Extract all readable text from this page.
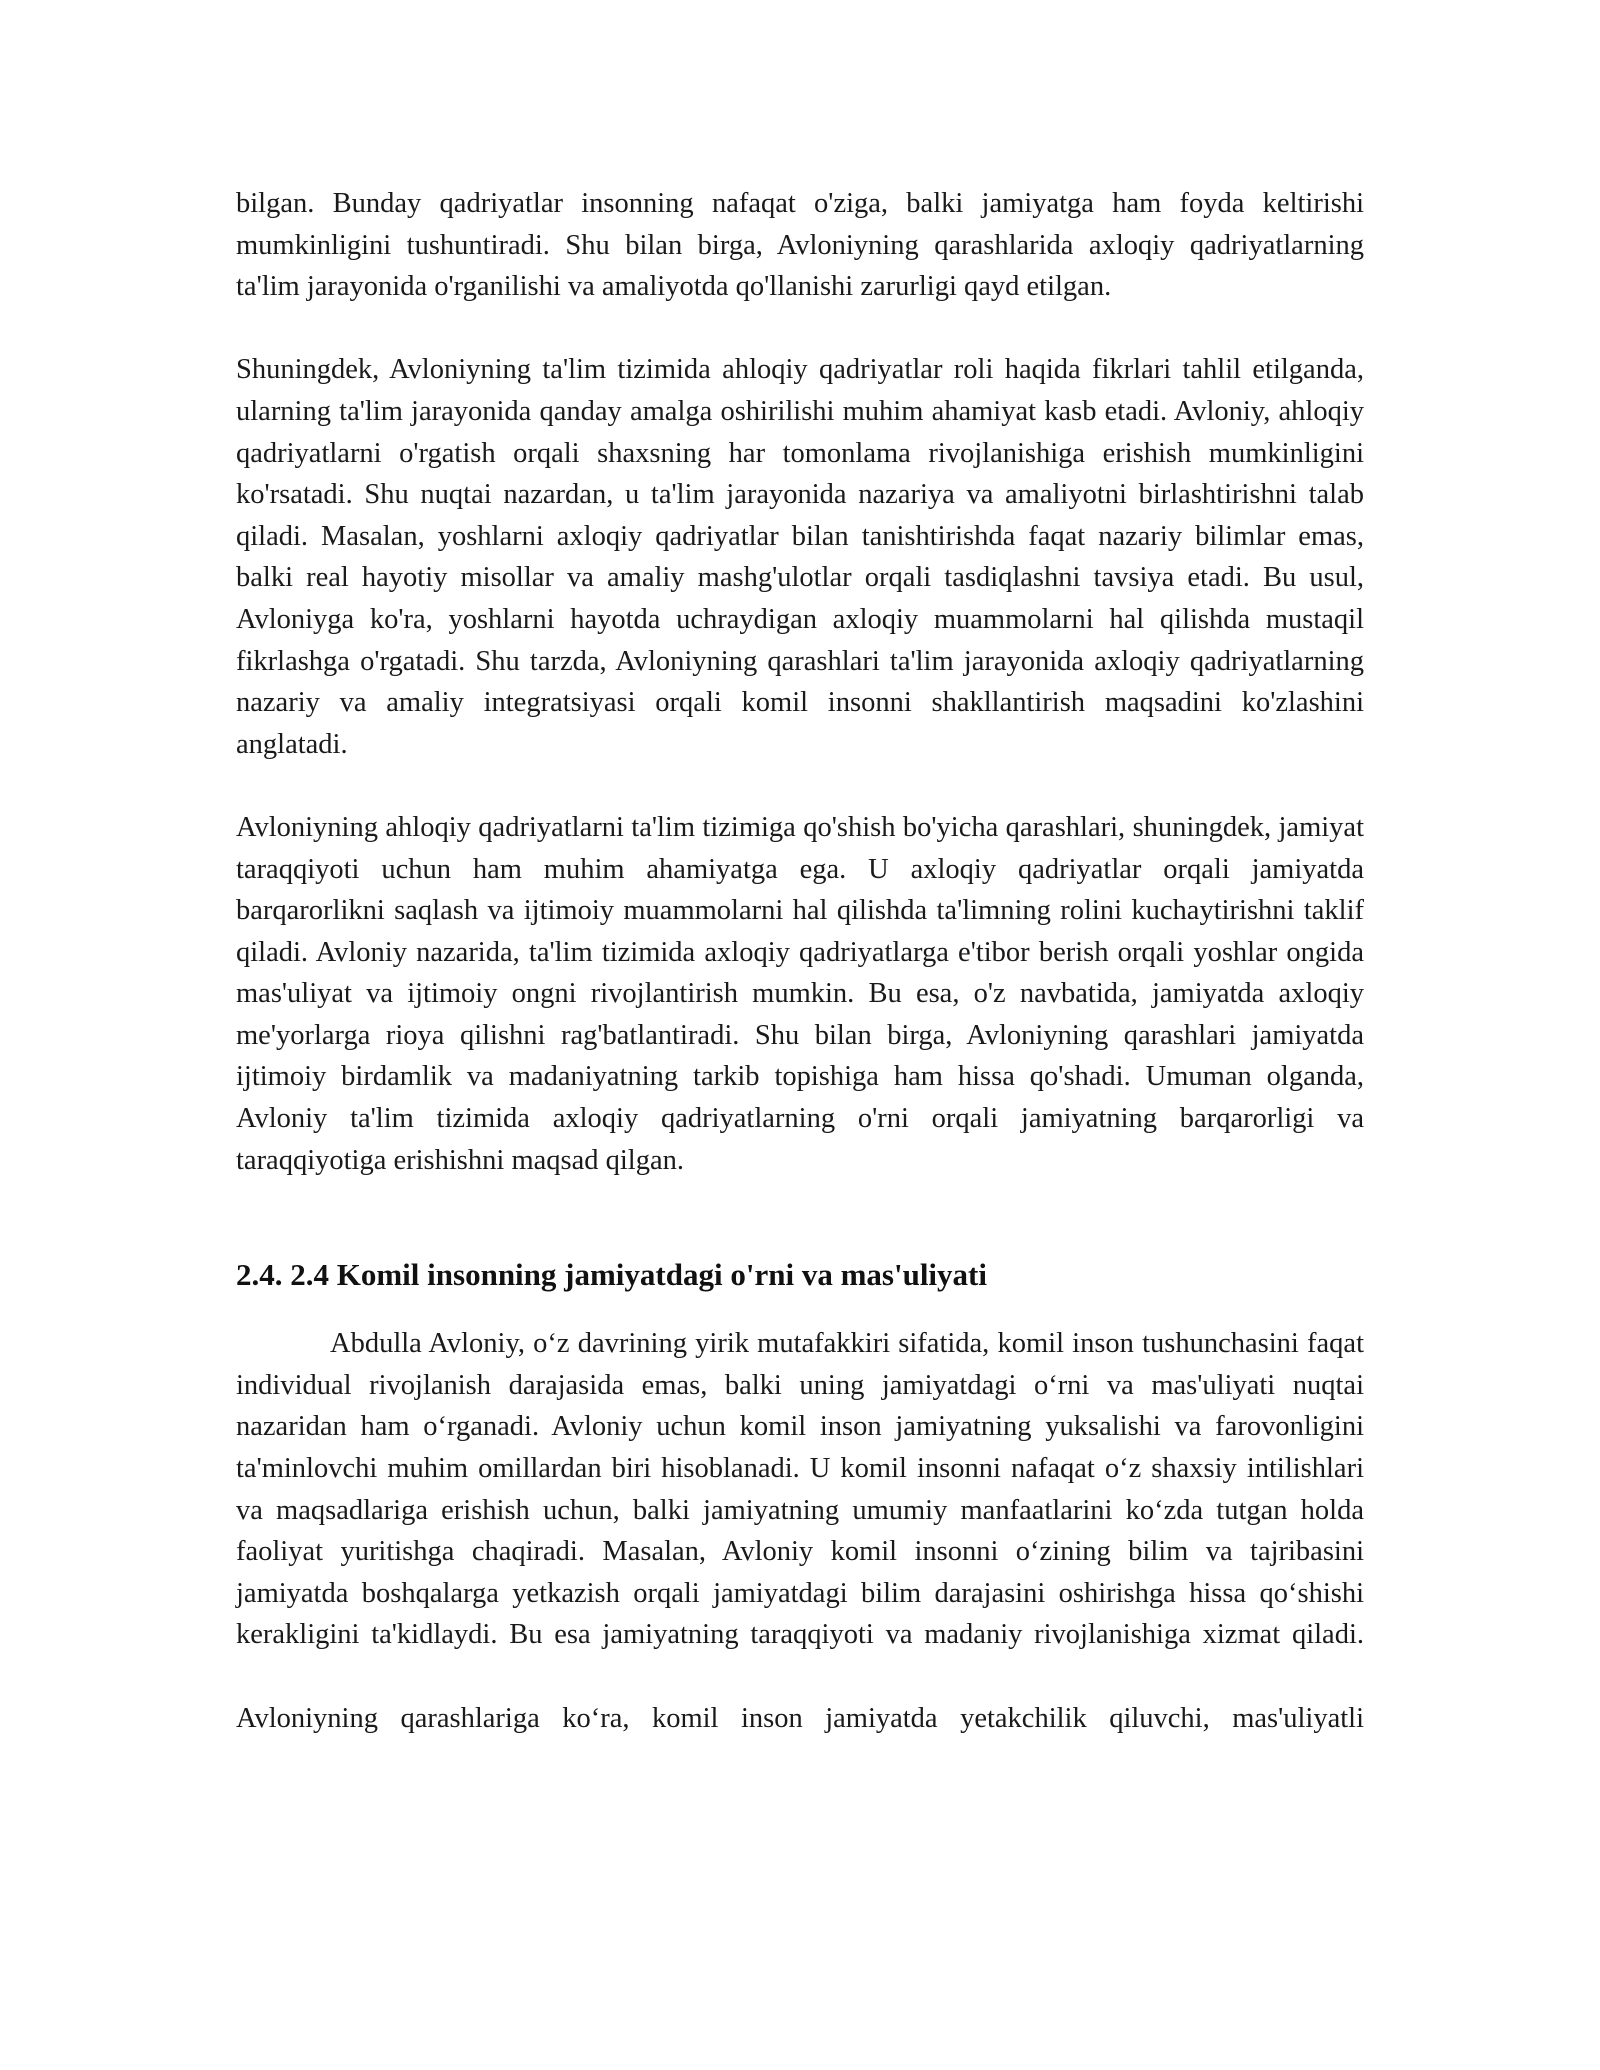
bilgan. Bunday qadriyatlar insonning nafaqat o'ziga, balki jamiyatga ham foyda keltirishi mumkinligini tushuntiradi. Shu bilan birga, Avloniyning qarashlarida axloqiy qadriyatlarning ta'lim jarayonida o'rganilishi va amaliyotda qo'llanishi zarurligi qayd etilgan.

Shuningdek, Avloniyning ta'lim tizimida ahloqiy qadriyatlar roli haqida fikrlari tahlil etilganda, ularning ta'lim jarayonida qanday amalga oshirilishi muhim ahamiyat kasb etadi. Avloniy, ahloqiy qadriyatlarni o'rgatish orqali shaxsning har tomonlama rivojlanishiga erishish mumkinligini ko'rsatadi. Shu nuqtai nazardan, u ta'lim jarayonida nazariya va amaliyotni birlashtirishni talab qiladi. Masalan, yoshlarni axloqiy qadriyatlar bilan tanishtirishda faqat nazariy bilimlar emas, balki real hayotiy misollar va amaliy mashg'ulotlar orqali tasdiqlashni tavsiya etadi. Bu usul, Avloniyga ko'ra, yoshlarni hayotda uchraydigan axloqiy muammolarni hal qilishda mustaqil fikrlashga o'rgatadi. Shu tarzda, Avloniyning qarashlari ta'lim jarayonida axloqiy qadriyatlarning nazariy va amaliy integratsiyasi orqali komil insonni shakllantirish maqsadini ko'zlashini anglatadi.

Avloniyning ahloqiy qadriyatlarni ta'lim tizimiga qo'shish bo'yicha qarashlari, shuningdek, jamiyat taraqqiyoti uchun ham muhim ahamiyatga ega. U axloqiy qadriyatlar orqali jamiyatda barqarorlikni saqlash va ijtimoiy muammolarni hal qilishda ta'limning rolini kuchaytirishni taklif qiladi. Avloniy nazarida, ta'lim tizimida axloqiy qadriyatlarga e'tibor berish orqali yoshlar ongida mas'uliyat va ijtimoiy ongni rivojlantirish mumkin. Bu esa, o'z navbatida, jamiyatda axloqiy me'yorlarga rioya qilishni rag'batlantiradi. Shu bilan birga, Avloniyning qarashlari jamiyatda ijtimoiy birdamlik va madaniyatning tarkib topishiga ham hissa qo'shadi. Umuman olganda, Avloniy ta'lim tizimida axloqiy qadriyatlarning o'rni orqali jamiyatning barqarorligi va taraqqiyotiga erishishni maqsad qilgan.

2.4. 2.4 Komil insonning jamiyatdagi o'rni va mas'uliyati

Abdulla Avloniy, o‘z davrining yirik mutafakkiri sifatida, komil inson tushunchasini faqat individual rivojlanish darajasida emas, balki uning jamiyatdagi o‘rni va mas'uliyati nuqtai nazaridan ham o‘rganadi. Avloniy uchun komil inson jamiyatning yuksalishi va farovonligini ta'minlovchi muhim omillardan biri hisoblanadi. U komil insonni nafaqat o‘z shaxsiy intilishlari va maqsadlariga erishish uchun, balki jamiyatning umumiy manfaatlarini ko‘zda tutgan holda faoliyat yuritishga chaqiradi. Masalan, Avloniy komil insonni o‘zining bilim va tajribasini jamiyatda boshqalarga yetkazish orqali jamiyatdagi bilim darajasini oshirishga hissa qo‘shishi kerakligini ta'kidlaydi. Bu esa jamiyatning taraqqiyoti va madaniy rivojlanishiga xizmat qiladi.

Avloniyning qarashlariga ko‘ra, komil inson jamiyatda yetakchilik qiluvchi, mas'uliyatli
